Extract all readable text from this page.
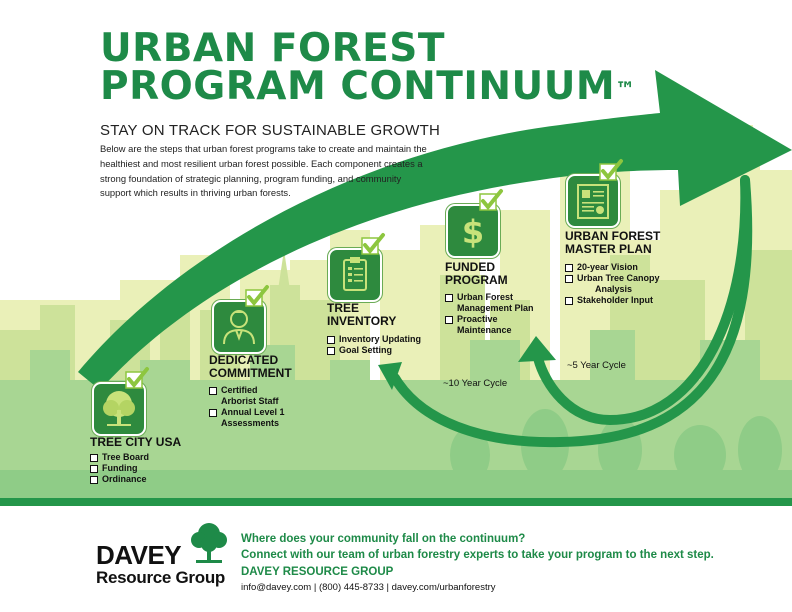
URBAN FOREST
PROGRAM CONTINUUM™
STAY ON TRACK FOR SUSTAINABLE GROWTH
Below are the steps that urban forest programs take to create and maintain the healthiest and most resilient urban forest possible. Each component creates a strong foundation of strategic planning, program funding, and community support which results in thriving urban forests.
TREE CITY USA
Tree Board
Funding
Ordinance
DEDICATED
COMMITMENT
Certified
Arborist Staff
Annual Level 1
Assessments
TREE
INVENTORY
Inventory Updating
Goal Setting
$
FUNDED
PROGRAM
Urban Forest
Management Plan
Proactive
Maintenance
URBAN FOREST
MASTER PLAN
20-year Vision
Urban Tree Canopy
Analysis
Stakeholder Input
~10 Year Cycle
~5 Year Cycle
DAVEY
Resource Group
Where does your community fall on the continuum?
Connect with our team of urban forestry experts to take your program to the next step.
DAVEY RESOURCE GROUP
info@davey.com | (800) 445-8733 | davey.com/urbanforestry
